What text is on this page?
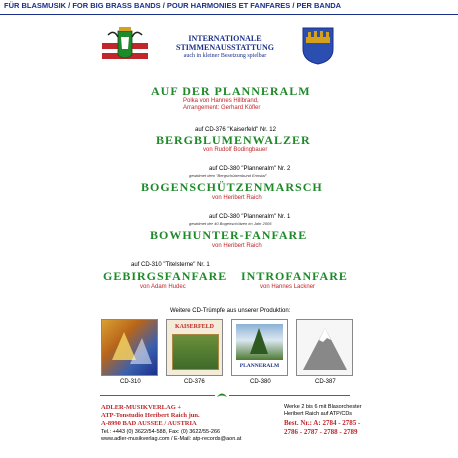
FÜR BLASMUSIK / FOR BIG BRASS BANDS / POUR HARMONIES ET FANFARES / PER BANDA
INTERNATIONALE
STIMMENAUSSTATTUNG
auch in kleiner Besetzung spielbar
AUF DER PLANNERALM
Polka von Hannes Hillbrand,
Arrangement: Gerhard Köfler
auf CD-376 "Kaiserfeld" Nr. 12
BERGBLUMENWALZER
von Rudolf Bodingbauer
auf CD-380 "Planneralm" Nr. 2
gewidmet dem "Bergschützenbund Ennstal"
BOGENSCHÜTZENMARSCH
von Heribert Raich
auf CD-380 "Planneralm" Nr. 1
gewidmet der 40 Bogenschützen im Jahr 2005
BOWHUNTER-FANFARE
von Heribert Raich
auf CD-310 "Titelsterne" Nr. 1
GEBIRGSFANFARE
von Adam Hudec
INTROFANFARE
von Hannes Lackner
Weitere CD-Trümpfe aus unserer Produktion:
KAISERFELD
PLANNERALM
CD-310	CD-376	CD-380	CD-387
ADLER-MUSIKVERLAG +
ATP-Tonstudio Heribert Raich jun.
A-8990 BAD AUSSEE / AUSTRIA
Tel.: +443 (0) 3622/54-588, Fax: (0) 3622/55-266
www.adler-musikverlag.com / E-Mail: atp-records@aon.at
Werke 2 bis 6 mit Blasorchester
Heribert Raich auf ATP/CDs
Best. Nr.: A: 2784 - 2785 -
2786 - 2787 - 2788 - 2789
